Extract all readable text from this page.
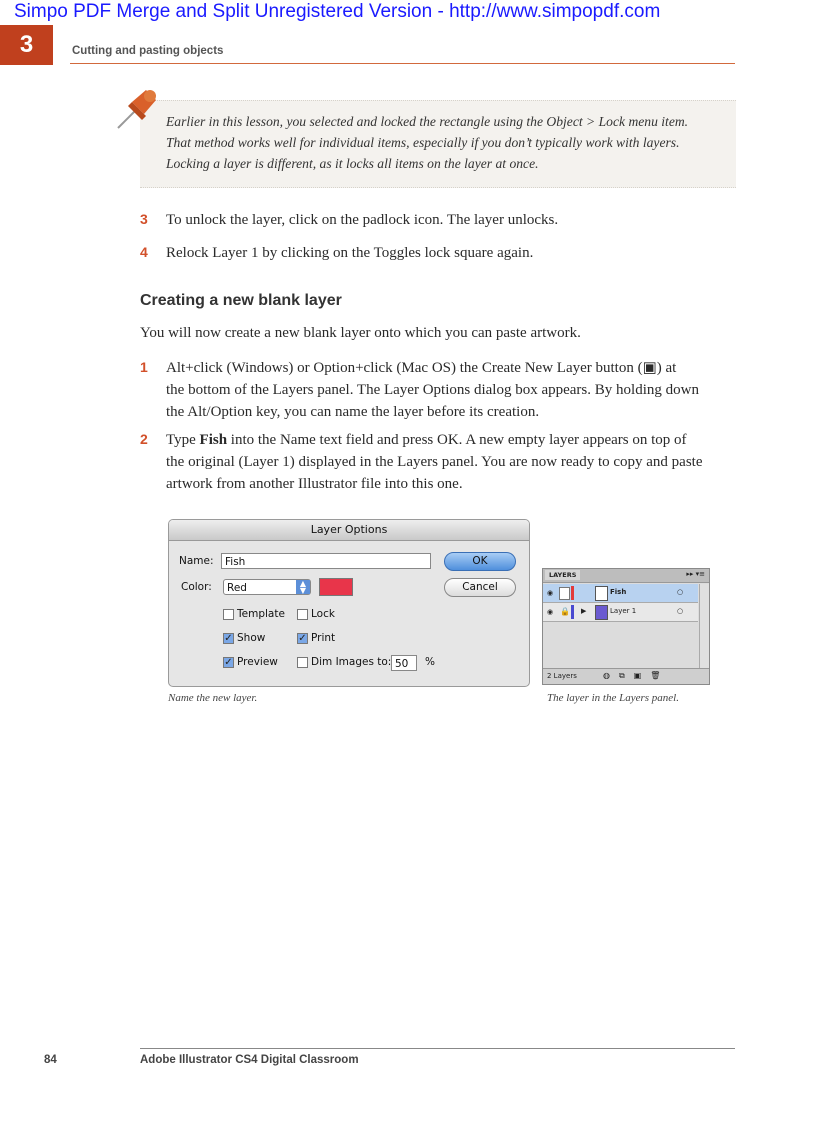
Simpo PDF Merge and Split Unregistered Version - http://www.simpopdf.com
3	Cutting and pasting objects
Earlier in this lesson, you selected and locked the rectangle using the Object > Lock menu item.
That method works well for individual items, especially if you don’t typically work with layers.
Locking a layer is different, as it locks all items on the layer at once.
3 To unlock the layer, click on the padlock icon. The layer unlocks.
4 Relock Layer 1 by clicking on the Toggles lock square again.
Creating a new blank layer
You will now create a new blank layer onto which you can paste artwork.
1 Alt+click (Windows) or Option+click (Mac OS) the Create New Layer button (▣) at
the bottom of the Layers panel. The Layer Options dialog box appears. By holding down
the Alt/Option key, you can name the layer before its creation.
2 Type Fish into the Name text field and press OK. A new empty layer appears on top of
the original (Layer 1) displayed in the Layers panel. You are now ready to copy and paste
artwork from another Illustrator file into this one.
Layer Options
Name:	Fish
Color:	Red	▲
▼
OK
Cancel
Template Lock
✓ Show	✓ Print
✓ Preview	Dim Images to: 50	%
LAYERS	▸▸ ▾≡
◉	Fish	○
◉ 🔒 ▶	Layer 1	○
2 Layers	◍⧉▣🗑
Name the new layer.	The layer in the Layers panel.
84	Adobe Illustrator CS4 Digital Classroom
